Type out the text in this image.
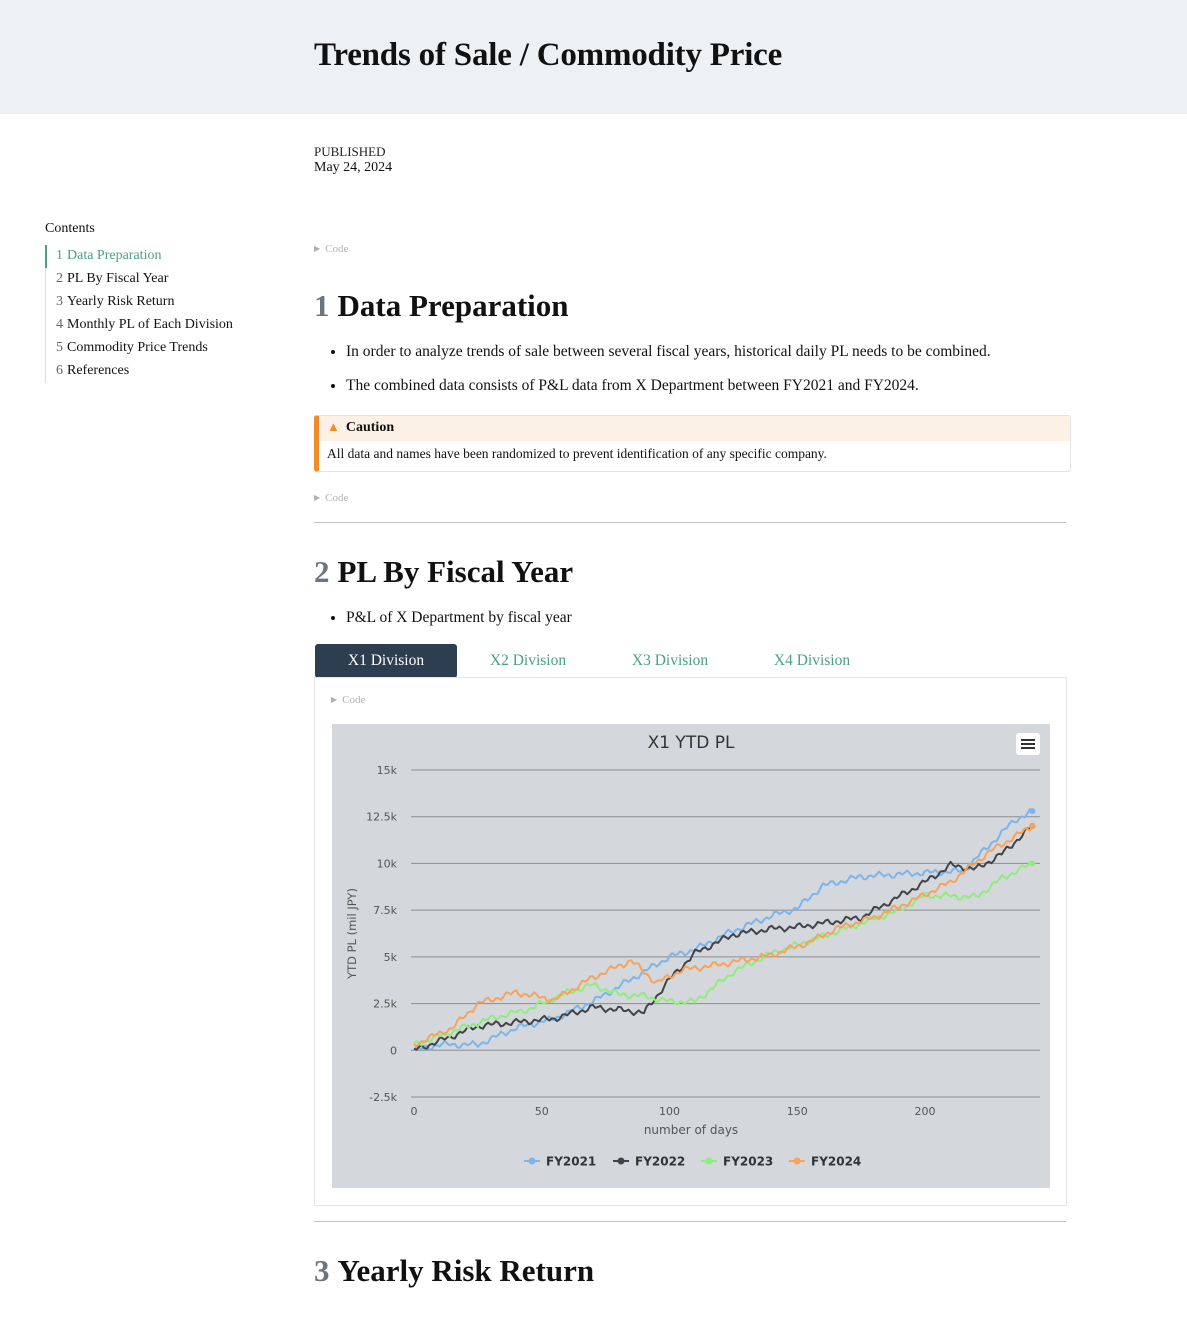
Trends of Sale / Commodity Price
PUBLISHED
May 24, 2024
Contents
1 Data Preparation
2 PL By Fiscal Year
3 Yearly Risk Return
4 Monthly PL of Each Division
5 Commodity Price Trends
6 References
▶ Code
1 Data Preparation
• In order to analyze trends of sale between several fiscal years, historical daily PL needs to be combined.
• The combined data consists of P&L data from X Department between FY2021 and FY2024.
▲ Caution
All data and names have been randomized to prevent identification of any specific company.
▶ Code
2 PL By Fiscal Year
• P&L of X Department by fiscal year
X1 Division	X2 Division	X3 Division	X4 Division
▶ Code
X1 YTD PL
-2.5k
0
2.5k
5k
7.5k
10k
12.5k
15k
0	50	100	150	200
number of days
YTD PL (mil JPY)
FY2021	FY2022	FY2023	FY2024
3 Yearly Risk Return
